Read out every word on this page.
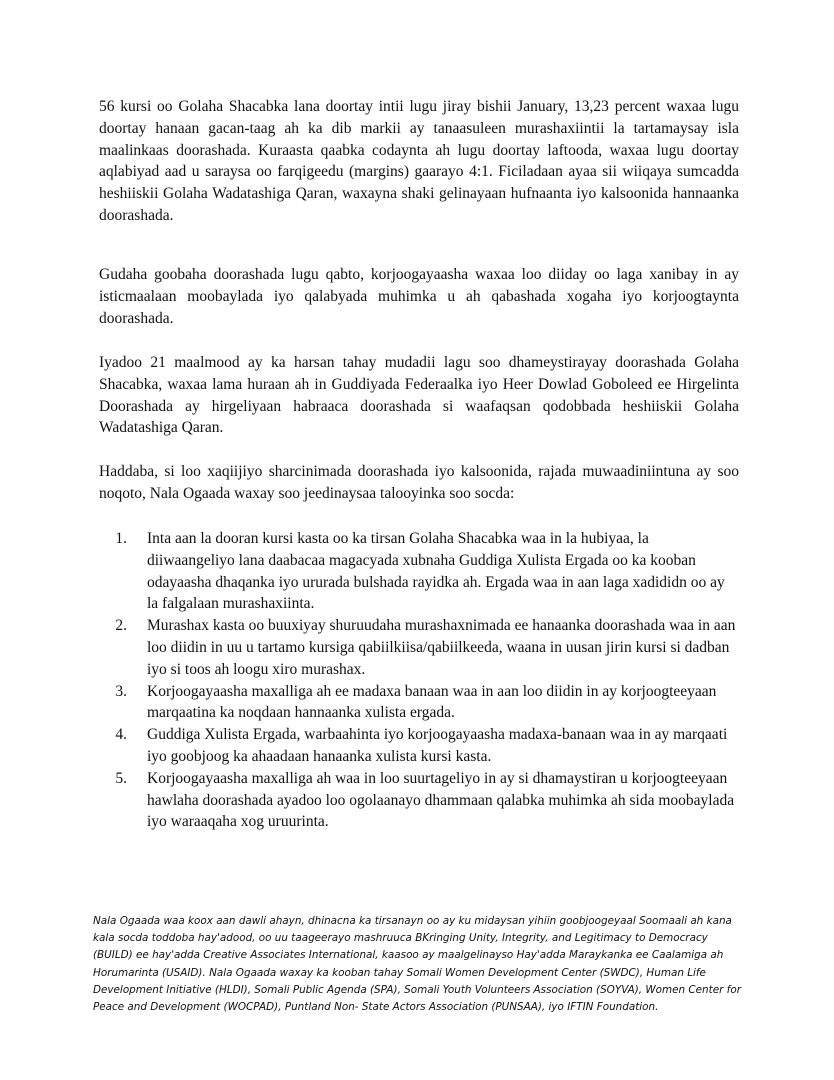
56 kursi oo Golaha Shacabka lana doortay intii lugu jiray bishii January, 13,23 percent waxaa lugu doortay hanaan gacan-taag ah ka dib markii ay tanaasuleen murashaxiintii la tartamaysay isla maalinkaas doorashada. Kuraasta qaabka codaynta ah lugu doortay laftooda, waxaa lugu doortay aqlabiyad aad u saraysa oo farqigeedu (margins) gaarayo 4:1. Ficiladaan ayaa sii wiiqaya sumcadda heshiiskii Golaha Wadatashiga Qaran, waxayna shaki gelinayaan hufnaanta iyo kalsoonida hannaanka doorashada.

Gudaha goobaha doorashada lugu qabto, korjoogayaasha waxaa loo diiday oo laga xanibay in ay isticmaalaan moobaylada iyo qalabyada muhimka u ah qabashada xogaha iyo korjoogtaynta doorashada.

Iyadoo 21 maalmood ay ka harsan tahay mudadii lagu soo dhameystirayay doorashada Golaha Shacabka, waxaa lama huraan ah in Guddiyada Federaalka iyo Heer Dowlad Goboleed ee Hirgelinta Doorashada ay hirgeliyaan habraaca doorashada si waafaqsan qodobbada heshiiskii Golaha Wadatashiga Qaran.

Haddaba, si loo xaqiijiyo sharcinimada doorashada iyo kalsoonida, rajada muwaadiniintuna ay soo noqoto, Nala Ogaada waxay soo jeedinaysaa talooyinka soo socda:

1.	Inta aan la dooran kursi kasta oo ka tirsan Golaha Shacabka waa in la hubiyaa, la diiwaangeliyo lana daabacaa magacyada xubnaha Guddiga Xulista Ergada oo ka kooban odayaasha dhaqanka iyo ururada bulshada rayidka ah. Ergada waa in aan laga xadididn oo ay la falgalaan murashaxiinta.
2.	Murashax kasta oo buuxiyay shuruudaha murashaxnimada ee hanaanka doorashada waa in aan loo diidin in uu u tartamo kursiga qabiilkiisa/qabiilkeeda, waana in uusan jirin kursi si dadban iyo si toos ah loogu xiro murashax.
3.	Korjoogayaasha maxalliga ah ee madaxa banaan waa in aan loo diidin in ay korjoogteeyaan marqaatina ka noqdaan hannaanka xulista ergada.
4.	Guddiga Xulista Ergada, warbaahinta iyo korjoogayaasha madaxa-banaan waa in ay marqaati iyo goobjoog ka ahaadaan hanaanka xulista kursi kasta.
5.	Korjoogayaasha maxalliga ah waa in loo suurtageliyo in ay si dhamaystiran u korjoogteeyaan hawlaha doorashada ayadoo loo ogolaanayo dhammaan qalabka muhimka ah sida moobaylada iyo waraaqaha xog uruurinta.

Nala Ogaada waa koox aan dawli ahayn, dhinacna ka tirsanayn oo ay ku midaysan yihiin goobjoogeyaal Soomaali ah kana kala socda toddoba hay'adood, oo uu taageerayo mashruuca BKringing Unity, Integrity, and Legitimacy to Democracy (BUILD) ee hay'adda Creative Associates International, kaasoo ay maalgelinayso Hay'adda Maraykanka ee Caalamiga ah Horumarinta (USAID). Nala Ogaada waxay ka kooban tahay Somali Women Development Center (SWDC), Human Life Development Initiative (HLDI), Somali Public Agenda (SPA), Somali Youth Volunteers Association (SOYVA), Women Center for Peace and Development (WOCPAD), Puntland Non- State Actors Association (PUNSAA), iyo IFTIN Foundation.
